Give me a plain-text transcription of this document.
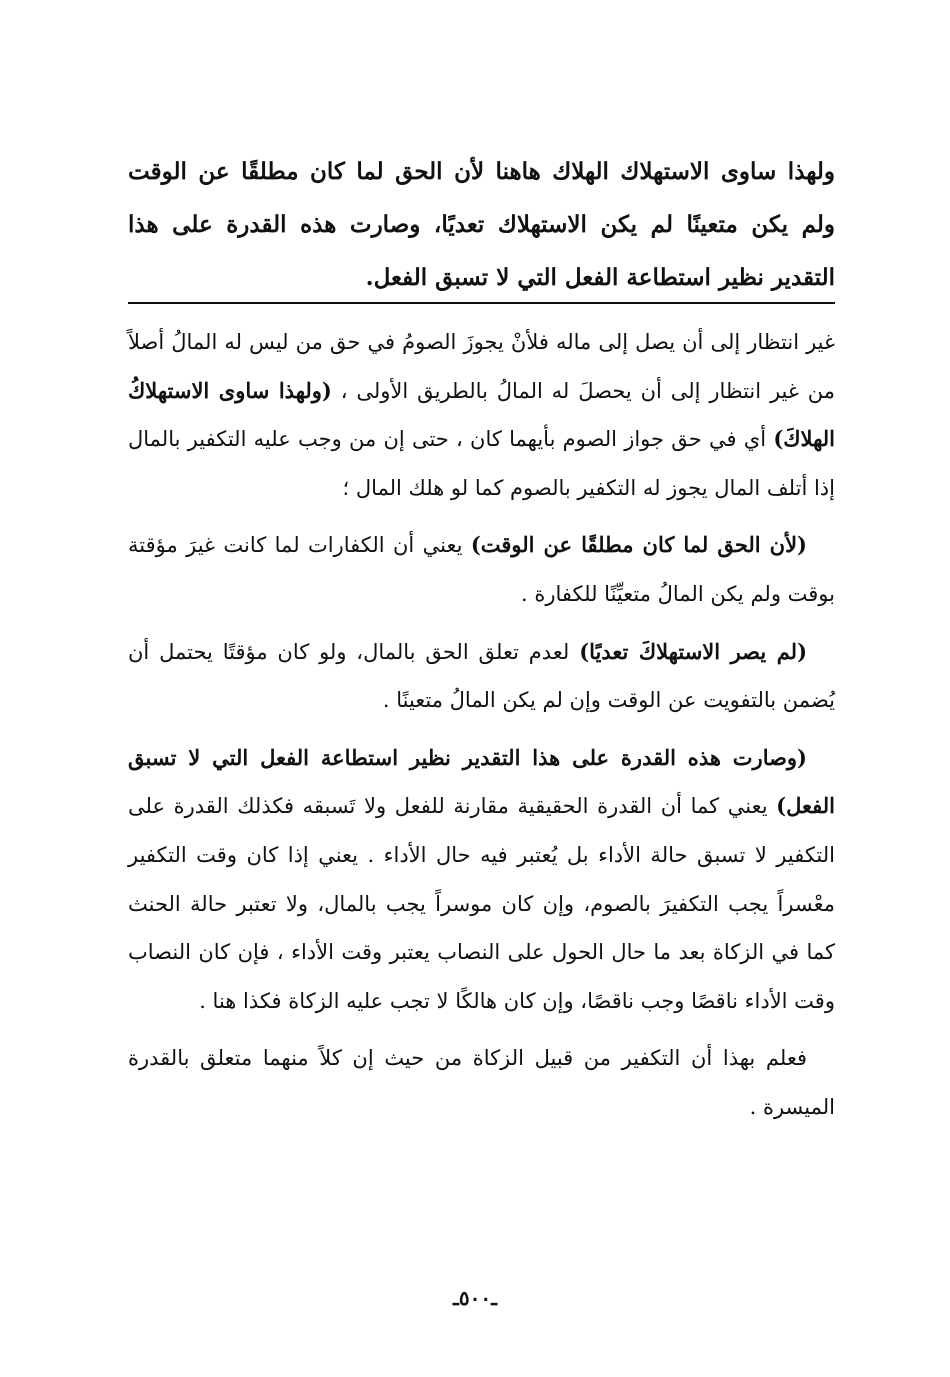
ولهذا ساوى الاستهلاك الهلاك هاهنا لأن الحق لما كان مطلقًا عن الوقت ولم يكن متعينًا لم يكن الاستهلاك تعديًا، وصارت هذه القدرة على هذا التقدير نظير استطاعة الفعل التي لا تسبق الفعل.

غير انتظار إلى أن يصل إلى ماله فلأنْ يجوزَ الصومُ في حق من ليس له المالُ أصلاً من غير انتظار إلى أن يحصلَ له المالُ بالطريق الأولى ، (ولهذا ساوى الاستهلاكُ الهلاكَ) أي في حق جواز الصوم بأيهما كان ، حتى إن من وجب عليه التكفير بالمال إذا أتلف المال يجوز له التكفير بالصوم كما لو هلك المال ؛

(لأن الحق لما كان مطلقًا عن الوقت) يعني أن الكفارات لما كانت غيرَ مؤقتة بوقت ولم يكن المالُ متعيِّنًا للكفارة .

(لم يصر الاستهلاكَ تعديًا) لعدم تعلق الحق بالمال، ولو كان مؤقتًا يحتمل أن يُضمن بالتفويت عن الوقت وإن لم يكن المالُ متعينًا .

(وصارت هذه القدرة على هذا التقدير نظير استطاعة الفعل التي لا تسبق الفعل) يعني كما أن القدرة الحقيقية مقارنة للفعل ولا تَسبقه فكذلك القدرة على التكفير لا تسبق حالة الأداء بل يُعتبر فيه حال الأداء . يعني إذا كان وقت التكفير معْسراً يجب التكفيرَ بالصوم، وإن كان موسراً يجب بالمال، ولا تعتبر حالة الحنث كما في الزكاة بعد ما حال الحول على النصاب يعتبر وقت الأداء ، فإن كان النصاب وقت الأداء ناقصًا وجب ناقصًا، وإن كان هالكًا لا تجب عليه الزكاة فكذا هنا .

فعلم بهذا أن التكفير من قبيل الزكاة من حيث إن كلاً منهما متعلق بالقدرة الميسرة .

ـ٥٠٠ـ
